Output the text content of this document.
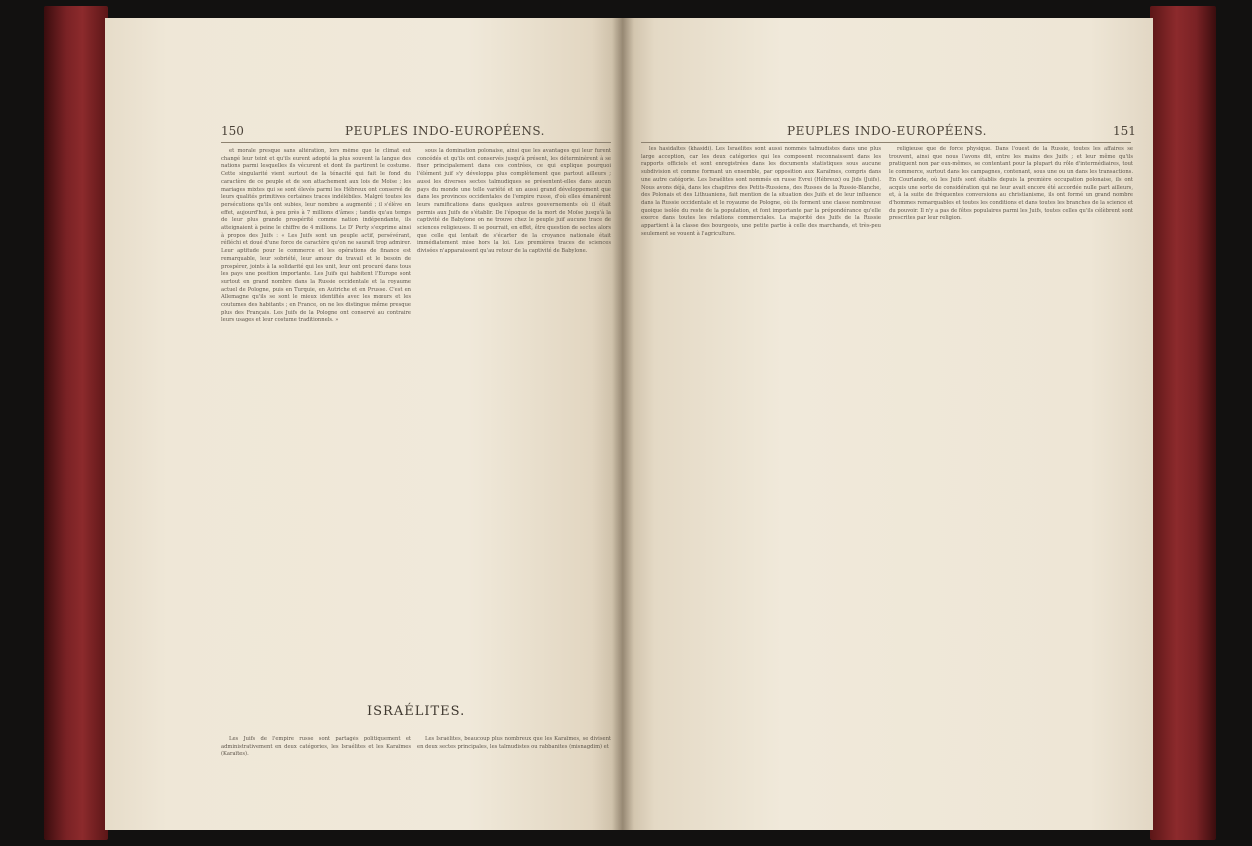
150	PEUPLES INDO-EUROPÉENS.

et morale presque sans altération, lors même que le climat eut changé leur teint et qu'ils eurent adopté la plus souvent la langue des nations parmi lesquelles ils vécurent et dont ils partirent le costume. Cette singularité vient surtout de la ténacité qui fait le fond du caractère de ce peuple et de son attachement aux lois de Moïse ; les mariages mixtes qui se sont élevés parmi les Hébreux ont conservé de leurs qualités primitives certaines traces indélébiles. Malgré toutes les persécutions qu'ils ont subies, leur nombre a augmenté ; il s'élève en effet, aujourd'hui, à peu près à 7 millions d'âmes ; tandis qu'au temps de leur plus grande prospérité comme nation indépendante, ils atteignaient à peine le chiffre de 4 millions. Le D' Perty s'exprime ainsi à propos des Juifs : « Les Juifs sont un peuple actif, persévérant, réfléchi et doué d'une force de caractère qu'on ne saurait trop admirer. Leur aptitude pour le commerce et les opérations de finance est remarquable, leur sobriété, leur amour du travail et le besoin de prospérer, joints à la solidarité qui les unit, leur ont procuré dans tous les pays une position importante. Les Juifs qui habitent l'Europe sont surtout en grand nombre dans la Russie occidentale et la royaume actuel de Pologne, puis en Turquie, en Autriche et en Prusse. C'est en Allemagne qu'ils se sont le mieux identifiés avec les mœurs et les coutumes des habitants ; en France, on ne les distingue même presque plus des Français. Les Juifs de la Pologne ont conservé au contraire leurs usages et leur costume traditionnels. »

sous la domination polonaise, ainsi que les avantages qui leur furent concédés et qu'ils ont conservés jusqu'à présent, les déterminèrent à se fixer principalement dans ces contrées, ce qui explique pourquoi l'élément juif s'y développa plus complètement que partout ailleurs ; aussi les diverses sectes talmudiques se présentent-elles dans aucun pays du monde une telle variété et un aussi grand développement que dans les provinces occidentales de l'empire russe, d'où elles émanèrent leurs ramifications dans quelques autres gouvernements où il était permis aux Juifs de s'établir. De l'époque de la mort de Moïse jusqu'à la captivité de Babylone on ne trouve chez le peuple juif aucune trace de sciences religieuses. Il se pourrait, en effet, être question de sectes alors que celle qui lentait de s'écarter de la croyance nationale était immédiatement mise hors la loi. Les premières traces de sciences divisées n'apparaissent qu'au retour de la captivité de Babylone.

ISRAÉLITES.

Les Juifs de l'empire russe sont partagés politiquement et administrativement en deux catégories, les Israélites et les Karaïmes (Karaïtes).

Les Israélites, beaucoup plus nombreux que les Karaïmes, se divisent en deux sectes principales, les talmudistes ou rabbanites (misnagdim) et

PEUPLES INDO-EUROPÉENS.	151

les hasidaïtes (khasidi). Les Israélites sont aussi nommés talmudistes dans une plus large acception, car les deux catégories qui les composent reconnaissent dans les rapports officiels et sont enregistrées dans les documents statistiques sous aucune subdivision et comme formant un ensemble, par opposition aux Karaïmes, compris dans une autre catégorie. Les Israélites sont nommés en russe Evrei (Hébreux) ou Jids (Juifs). Nous avons déjà, dans les chapitres des Petits-Russiens, des Russes de la Russie-Blanche, des Polonais et des Lithuaniens, fait mention de la situation des Juifs et de leur influence dans la Russie occidentale et le royaume de Pologne, où ils forment une classe nombreuse quoique isolée du reste de la population, et font importante par la prépondérance qu'elle exerce dans toutes les relations commerciales. La majorité des Juifs de la Russie appartient à la classe des bourgeois, une petite partie à celle des marchands, et très-peu seulement se vouent à l'agriculture.

religieuse que de force physique. Dans l'ouest de la Russie, toutes les affaires se trouvent, ainsi que nous l'avons dit, entre les mains des Juifs ; et leur même qu'ils pratiquent non par eux-mêmes, se contentant pour la plupart du rôle d'intermédiaires, tout le commerce, surtout dans les campagnes, contenant, sous une ou un dans les transactions. En Courlande, où les Juifs sont établis depuis la première occupation polonaise, ils ont acquis une sorte de considération qui ne leur avait encore été accordée nulle part ailleurs, et, à la suite de fréquentes conversions au christianisme, ils ont formé un grand nombre d'hommes remarquables et toutes les conditions et dans toutes les branches de la science et du pouvoir. Il n'y a pas de fêtes populaires parmi les Juifs, toutes celles qu'ils célèbrent sont prescrites par leur religion.
